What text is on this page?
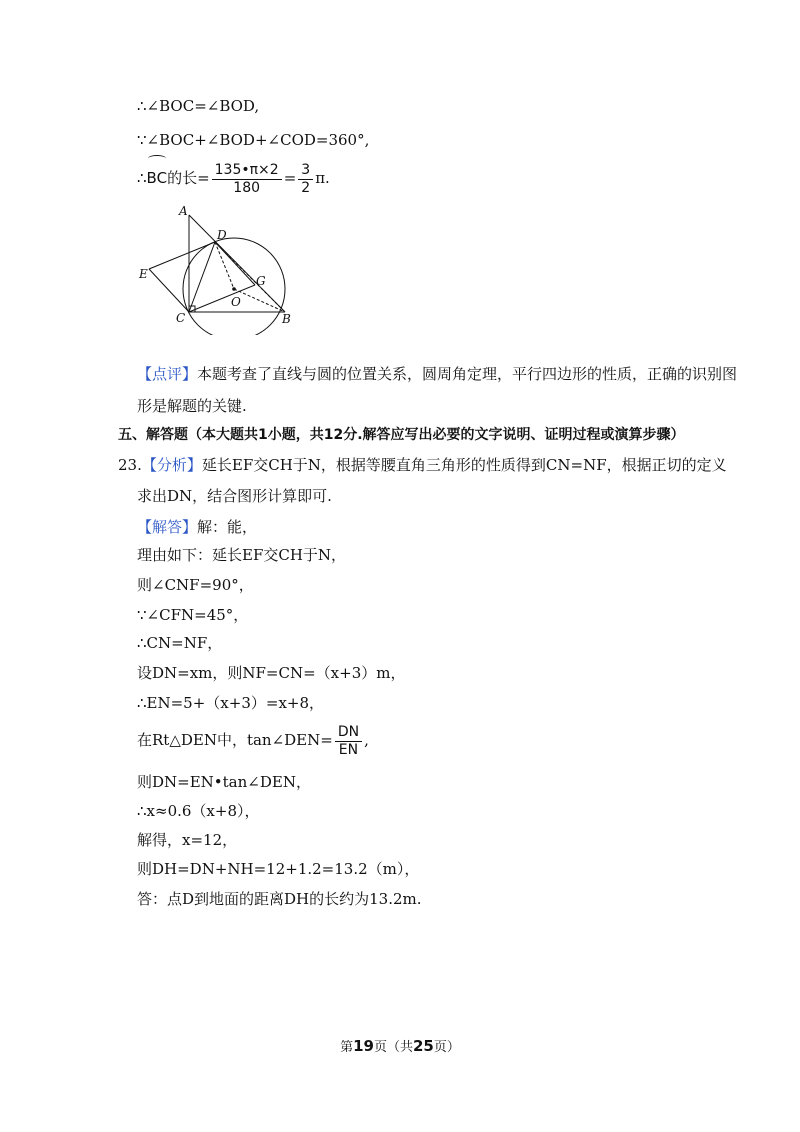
∴∠BOC=∠BOD,
∵∠BOC+∠BOD+∠COD=360°,
∴BC的长= $\frac{135•\pi\times 2}{180} = \frac{3}{2} \pi$.
A
D
E	G
O
C	B
【点评】本题考查了直线与圆的位置关系，圆周角定理，平行四边形的性质，正确的识别图
形是解题的关键.
五、解答题（本大题共1小题，共12分.解答应写出必要的文字说明、证明过程或演算步骤）
23.【分析】延长EF交CH于N，根据等腰直角三角形的性质得到CN=NF，根据正切的定义
求出DN，结合图形计算即可.
【解答】解：能，
理由如下：延长EF交CH于N，
则∠CNF=90°，
∵∠CFN=45°，
∴CN=NF，
设DN=xm，则NF=CN=（x+3）m，
∴EN=5+（x+3）=x+8，
在Rt△DEN中，tan∠DEN= $\frac{DN}{EN}$ ,
则DN=EN•tan∠DEN，
∴x≈0.6（x+8），
解得，x=12，
则DH=DN+NH=12+1.2=13.2（m），
答：点D到地面的距离DH的长约为13.2m.
第19页（共25页）
